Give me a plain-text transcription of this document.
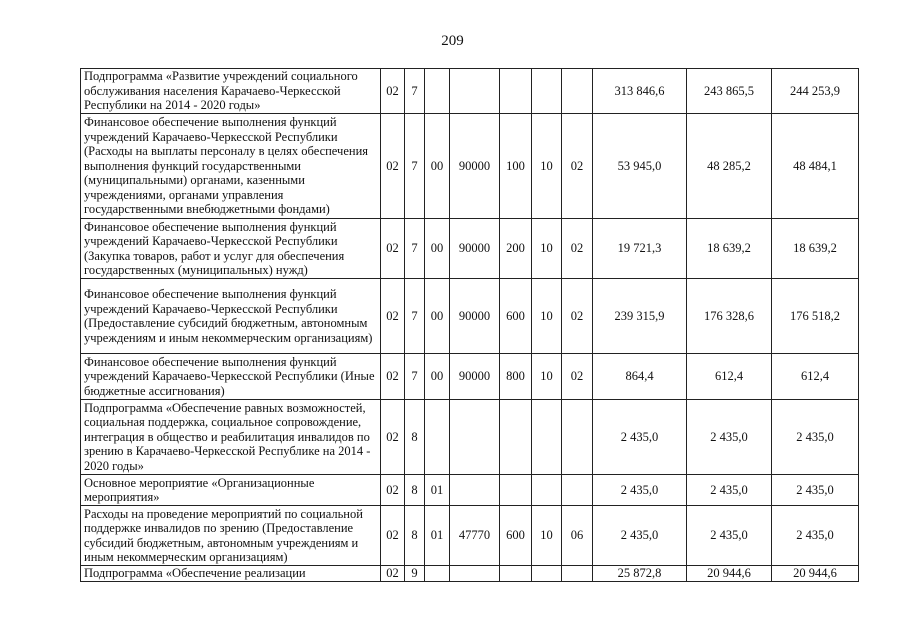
209
Подпрограмма «Развитие учреждений социального обслуживания населения Карачаево-Черкесской Республики на 2014 - 2020 годы»	02	7						313 846,6	243 865,5	244 253,9
Финансовое обеспечение выполнения функций учреждений Карачаево-Черкесской Республики (Расходы на выплаты персоналу в целях обеспечения выполнения функций государственными (муниципальными) органами, казенными учреждениями, органами управления государственными внебюджетными фондами)	02	7	00	90000	100	10	02	53 945,0	48 285,2	48 484,1
Финансовое обеспечение выполнения функций учреждений Карачаево-Черкесской Республики (Закупка товаров, работ и услуг для обеспечения государственных (муниципальных) нужд)	02	7	00	90000	200	10	02	19 721,3	18 639,2	18 639,2
Финансовое обеспечение выполнения функций учреждений Карачаево-Черкесской Республики (Предоставление субсидий бюджетным, автономным учреждениям и иным некоммерческим организациям)	02	7	00	90000	600	10	02	239 315,9	176 328,6	176 518,2
Финансовое обеспечение выполнения функций учреждений Карачаево-Черкесской Республики (Иные бюджетные ассигнования)	02	7	00	90000	800	10	02	864,4	612,4	612,4
Подпрограмма «Обеспечение равных возможностей, социальная поддержка, социальное сопровождение, интеграция в общество и реабилитация инвалидов по зрению в Карачаево-Черкесской Республике на 2014 - 2020 годы»	02	8						2 435,0	2 435,0	2 435,0
Основное мероприятие «Организационные мероприятия»	02	8	01					2 435,0	2 435,0	2 435,0
Расходы на проведение мероприятий по социальной поддержке инвалидов по зрению (Предоставление субсидий бюджетным, автономным учреждениям и иным некоммерческим организациям)	02	8	01	47770	600	10	06	2 435,0	2 435,0	2 435,0
Подпрограмма «Обеспечение реализации	02	9						25 872,8	20 944,6	20 944,6
